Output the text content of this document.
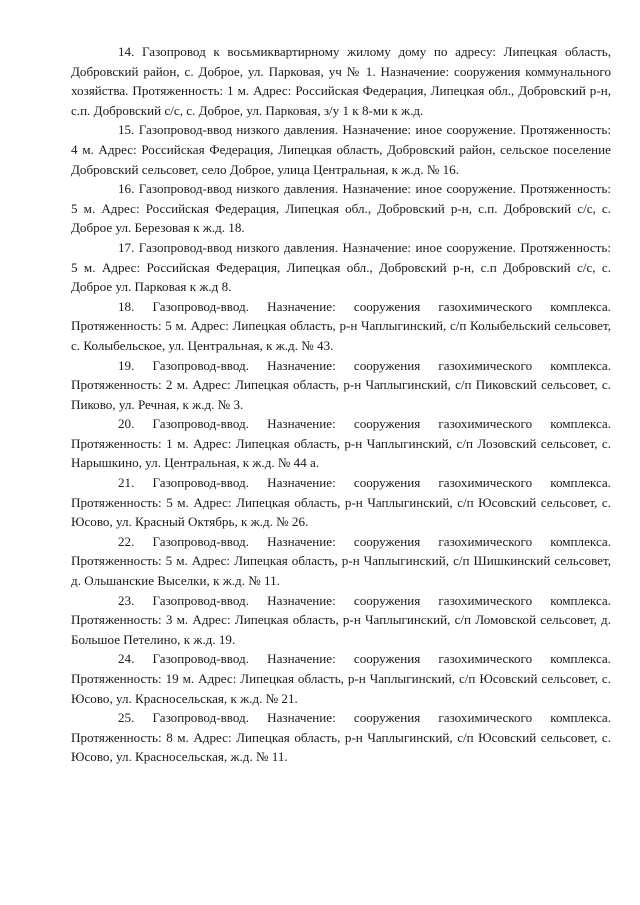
14. Газопровод к восьмиквартирному жилому дому по адресу: Липецкая область, Добровский район, с. Доброе, ул. Парковая, уч № 1. Назначение: сооружения коммунального хозяйства. Протяженность: 1 м. Адрес: Российская Федерация, Липецкая обл., Добровский р-н, с.п. Добровский с/с, с. Доброе, ул. Парковая, з/у 1 к 8-ми к ж.д.

15. Газопровод-ввод низкого давления. Назначение: иное сооружение. Протяженность: 4 м. Адрес: Российская Федерация, Липецкая область, Добровский район, сельское поселение Добровский сельсовет, село Доброе, улица Центральная, к ж.д. № 16.

16. Газопровод-ввод низкого давления. Назначение: иное сооружение. Протяженность: 5 м. Адрес: Российская Федерация, Липецкая обл., Добровский р-н, с.п. Добровский с/с, с. Доброе ул. Березовая к ж.д. 18.

17. Газопровод-ввод низкого давления. Назначение: иное сооружение. Протяженность: 5 м. Адрес: Российская Федерация, Липецкая обл., Добровский р-н, с.п Добровский с/с, с. Доброе ул. Парковая к ж.д 8.

18. Газопровод-ввод. Назначение: сооружения газохимического комплекса. Протяженность: 5 м. Адрес: Липецкая область, р-н Чаплыгинский, с/п Колыбельский сельсовет, с. Колыбельское, ул. Центральная, к ж.д. № 43.

19. Газопровод-ввод. Назначение: сооружения газохимического комплекса. Протяженность: 2 м. Адрес: Липецкая область, р-н Чаплыгинский, с/п Пиковский сельсовет, с. Пиково, ул. Речная, к ж.д. № 3.

20. Газопровод-ввод. Назначение: сооружения газохимического комплекса. Протяженность: 1 м. Адрес: Липецкая область, р-н Чаплыгинский, с/п Лозовский сельсовет, с. Нарышкино, ул. Центральная, к ж.д. № 44 а.

21. Газопровод-ввод. Назначение: сооружения газохимического комплекса. Протяженность: 5 м. Адрес: Липецкая область, р-н Чаплыгинский, с/п Юсовский сельсовет, с. Юсово, ул. Красный Октябрь, к ж.д. № 26.

22. Газопровод-ввод. Назначение: сооружения газохимического комплекса. Протяженность: 5 м. Адрес: Липецкая область, р-н Чаплыгинский, с/п Шишкинский сельсовет, д. Ольшанские Выселки, к ж.д. № 11.

23. Газопровод-ввод. Назначение: сооружения газохимического комплекса. Протяженность: 3 м. Адрес: Липецкая область, р-н Чаплыгинский, с/п Ломовской сельсовет, д. Большое Петелино, к ж.д. 19.

24. Газопровод-ввод. Назначение: сооружения газохимического комплекса. Протяженность: 19 м. Адрес: Липецкая область, р-н Чаплыгинский, с/п Юсовский сельсовет, с. Юсово, ул. Красносельская, к ж.д. № 21.

25. Газопровод-ввод. Назначение: сооружения газохимического комплекса. Протяженность: 8 м. Адрес: Липецкая область, р-н Чаплыгинский, с/п Юсовский сельсовет, с. Юсово, ул. Красносельская, ж.д. № 11.
